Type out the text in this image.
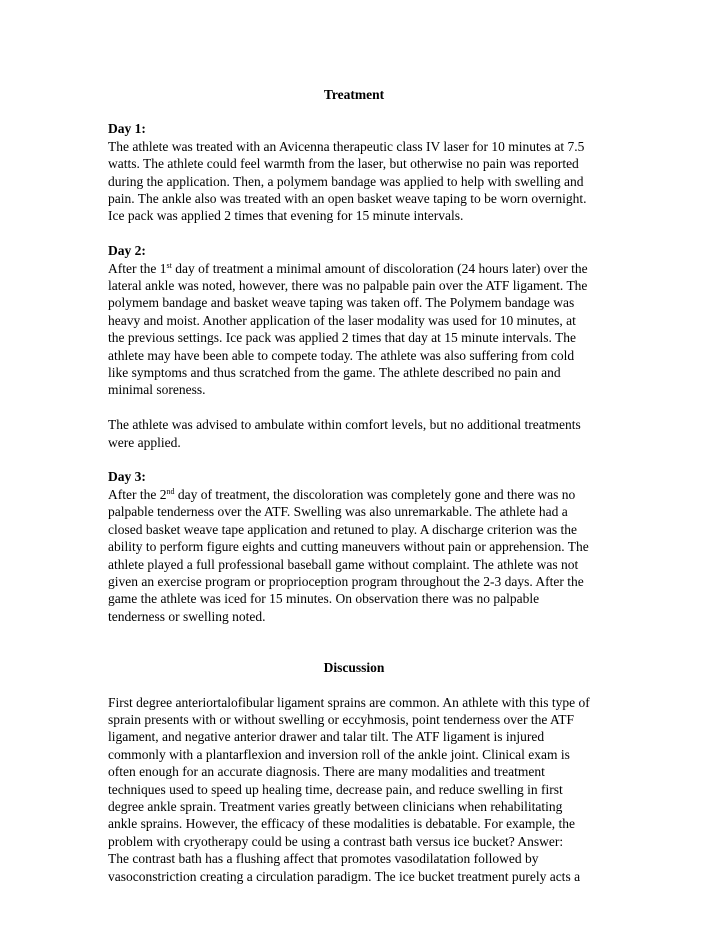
Treatment

Day 1:

The athlete was treated with an Avicenna therapeutic class IV laser for 10 minutes at 7.5
watts. The athlete could feel warmth from the laser, but otherwise no pain was reported
during the application. Then, a polymem bandage was applied to help with swelling and
pain. The ankle also was treated with an open basket weave taping to be worn overnight.
Ice pack was applied 2 times that evening for 15 minute intervals.

Day 2:

After the 1st day of treatment a minimal amount of discoloration (24 hours later) over the

lateral ankle was noted, however, there was no palpable pain over the ATF ligament. The
polymem bandage and basket weave taping was taken off. The Polymem bandage was
heavy and moist. Another application of the laser modality was used for 10 minutes, at
the previous settings. Ice pack was applied 2 times that day at 15 minute intervals. The
athlete may have been able to compete today. The athlete was also suffering from cold
like symptoms and thus scratched from the game. The athlete described no pain and
minimal soreness.

The athlete was advised to ambulate within comfort levels, but no additional treatments
were applied.

Day 3:

After the 2nd day of treatment, the discoloration was completely gone and there was no

palpable tenderness over the ATF. Swelling was also unremarkable. The athlete had a
closed basket weave tape application and retuned to play. A discharge criterion was the
ability to perform figure eights and cutting maneuvers without pain or apprehension. The
athlete played a full professional baseball game without complaint. The athlete was not
given an exercise program or proprioception program throughout the 2-3 days. After the
game the athlete was iced for 15 minutes. On observation there was no palpable
tenderness or swelling noted.

Discussion

First degree anteriortalofibular ligament sprains are common. An athlete with this type of
sprain presents with or without swelling or eccyhmosis, point tenderness over the ATF
ligament, and negative anterior drawer and talar tilt. The ATF ligament is injured
commonly with a plantarflexion and inversion roll of the ankle joint. Clinical exam is
often enough for an accurate diagnosis. There are many modalities and treatment
techniques used to speed up healing time, decrease pain, and reduce swelling in first
degree ankle sprain. Treatment varies greatly between clinicians when rehabilitating
ankle sprains. However, the efficacy of these modalities is debatable. For example, the
problem with cryotherapy could be using a contrast bath versus ice bucket? Answer:
The contrast bath has a flushing affect that promotes vasodilatation followed by
vasoconstriction creating a circulation paradigm. The ice bucket treatment purely acts a
